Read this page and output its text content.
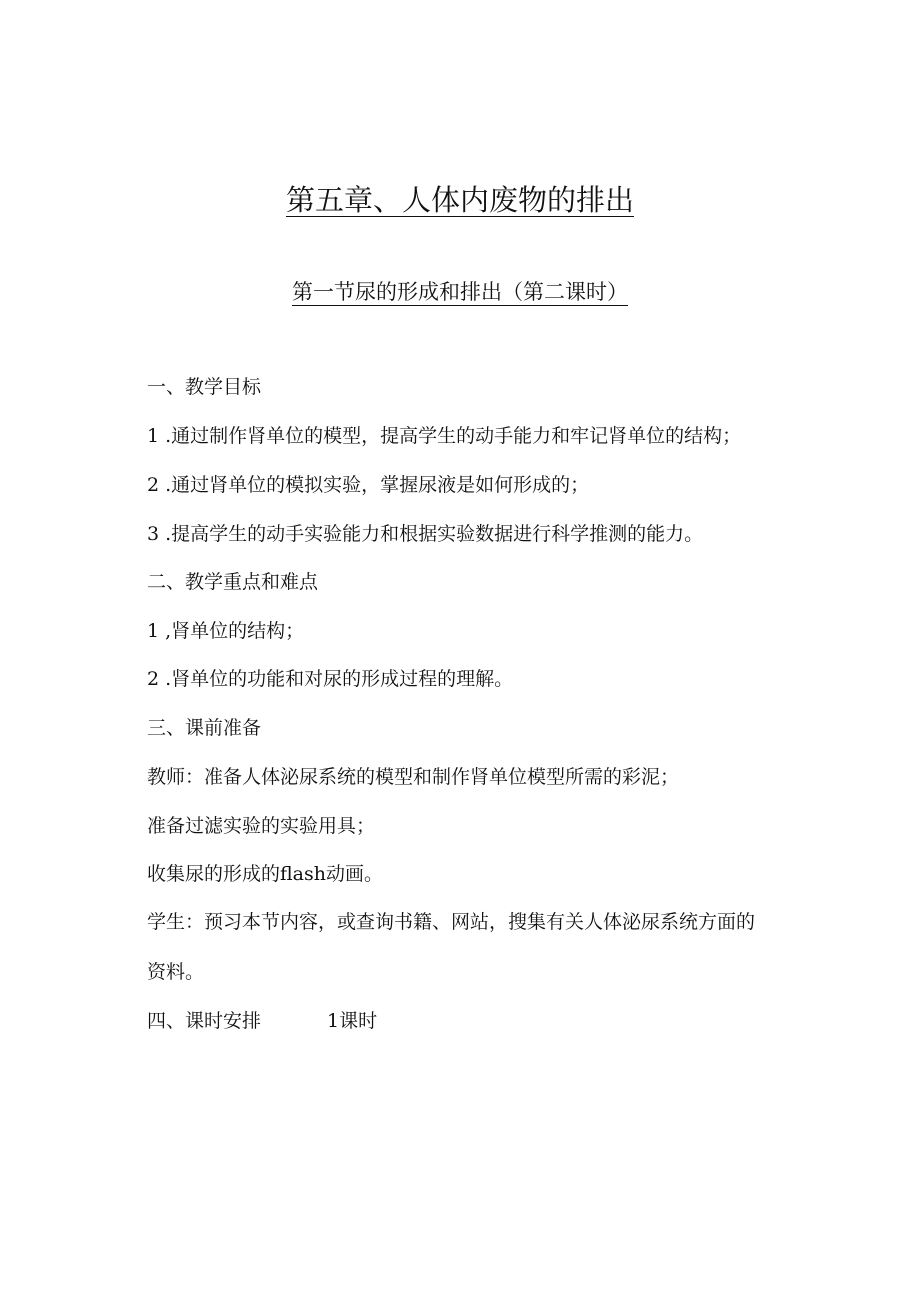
第五章、人体内废物的排出
第一节尿的形成和排出（第二课时）
一、教学目标
1 .通过制作肾单位的模型，提高学生的动手能力和牢记肾单位的结构；
2 .通过肾单位的模拟实验，掌握尿液是如何形成的；
3 .提高学生的动手实验能力和根据实验数据进行科学推测的能力。
二、教学重点和难点
1 ,肾单位的结构；
2 .肾单位的功能和对尿的形成过程的理解。
三、课前准备
教师：准备人体泌尿系统的模型和制作肾单位模型所需的彩泥；
准备过滤实验的实验用具；
收集尿的形成的flash动画。
学生：预习本节内容，或查询书籍、网站，搜集有关人体泌尿系统方面的
资料。
四、课时安排	1课时
